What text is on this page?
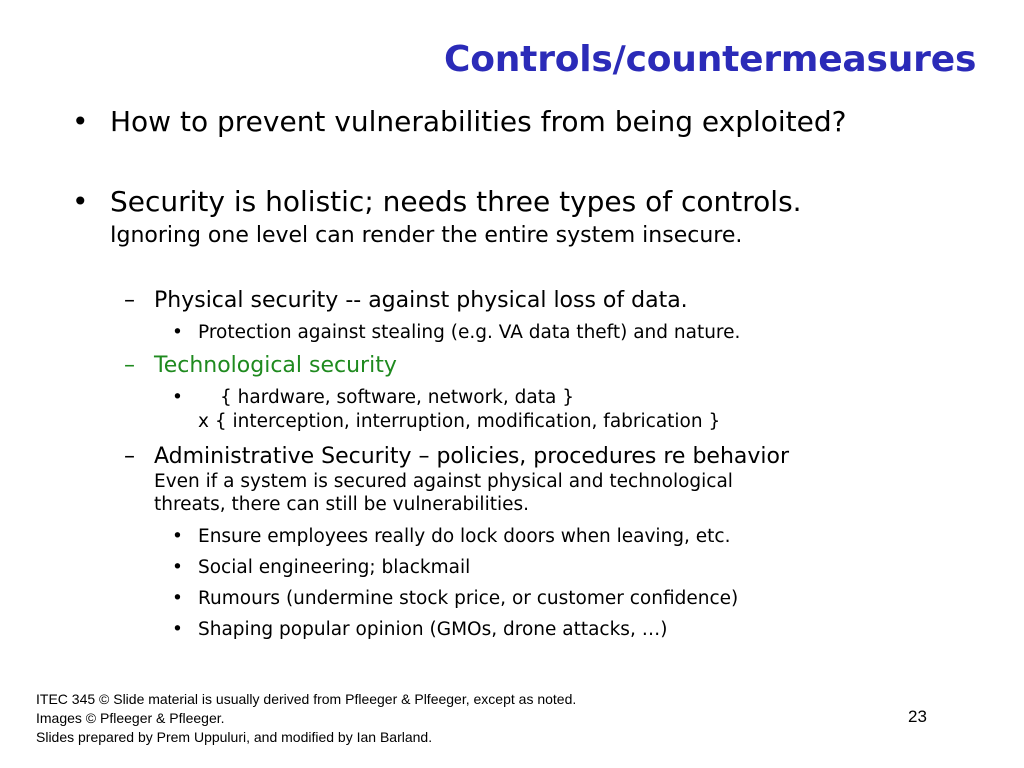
Controls/countermeasures
• How to prevent vulnerabilities from being exploited?
• Security is holistic; needs three types of controls.
Ignoring one level can render the entire system insecure.
– Physical security -- against physical loss of data.
• Protection against stealing (e.g. VA data theft) and nature.
– Technological security
• { hardware, software, network, data }
x { interception, interruption, modification, fabrication }
– Administrative Security – policies, procedures re behavior
Even if a system is secured against physical and technological
threats, there can still be vulnerabilities.
• Ensure employees really do lock doors when leaving, etc.
• Social engineering; blackmail
• Rumours (undermine stock price, or customer confidence)
• Shaping popular opinion (GMOs, drone attacks, …)
ITEC 345 © Slide material is usually derived from Pfleeger & Plfeeger, except as noted.
Images © Pfleeger & Pfleeger.
Slides prepared by Prem Uppuluri, and modified by Ian Barland.
23
